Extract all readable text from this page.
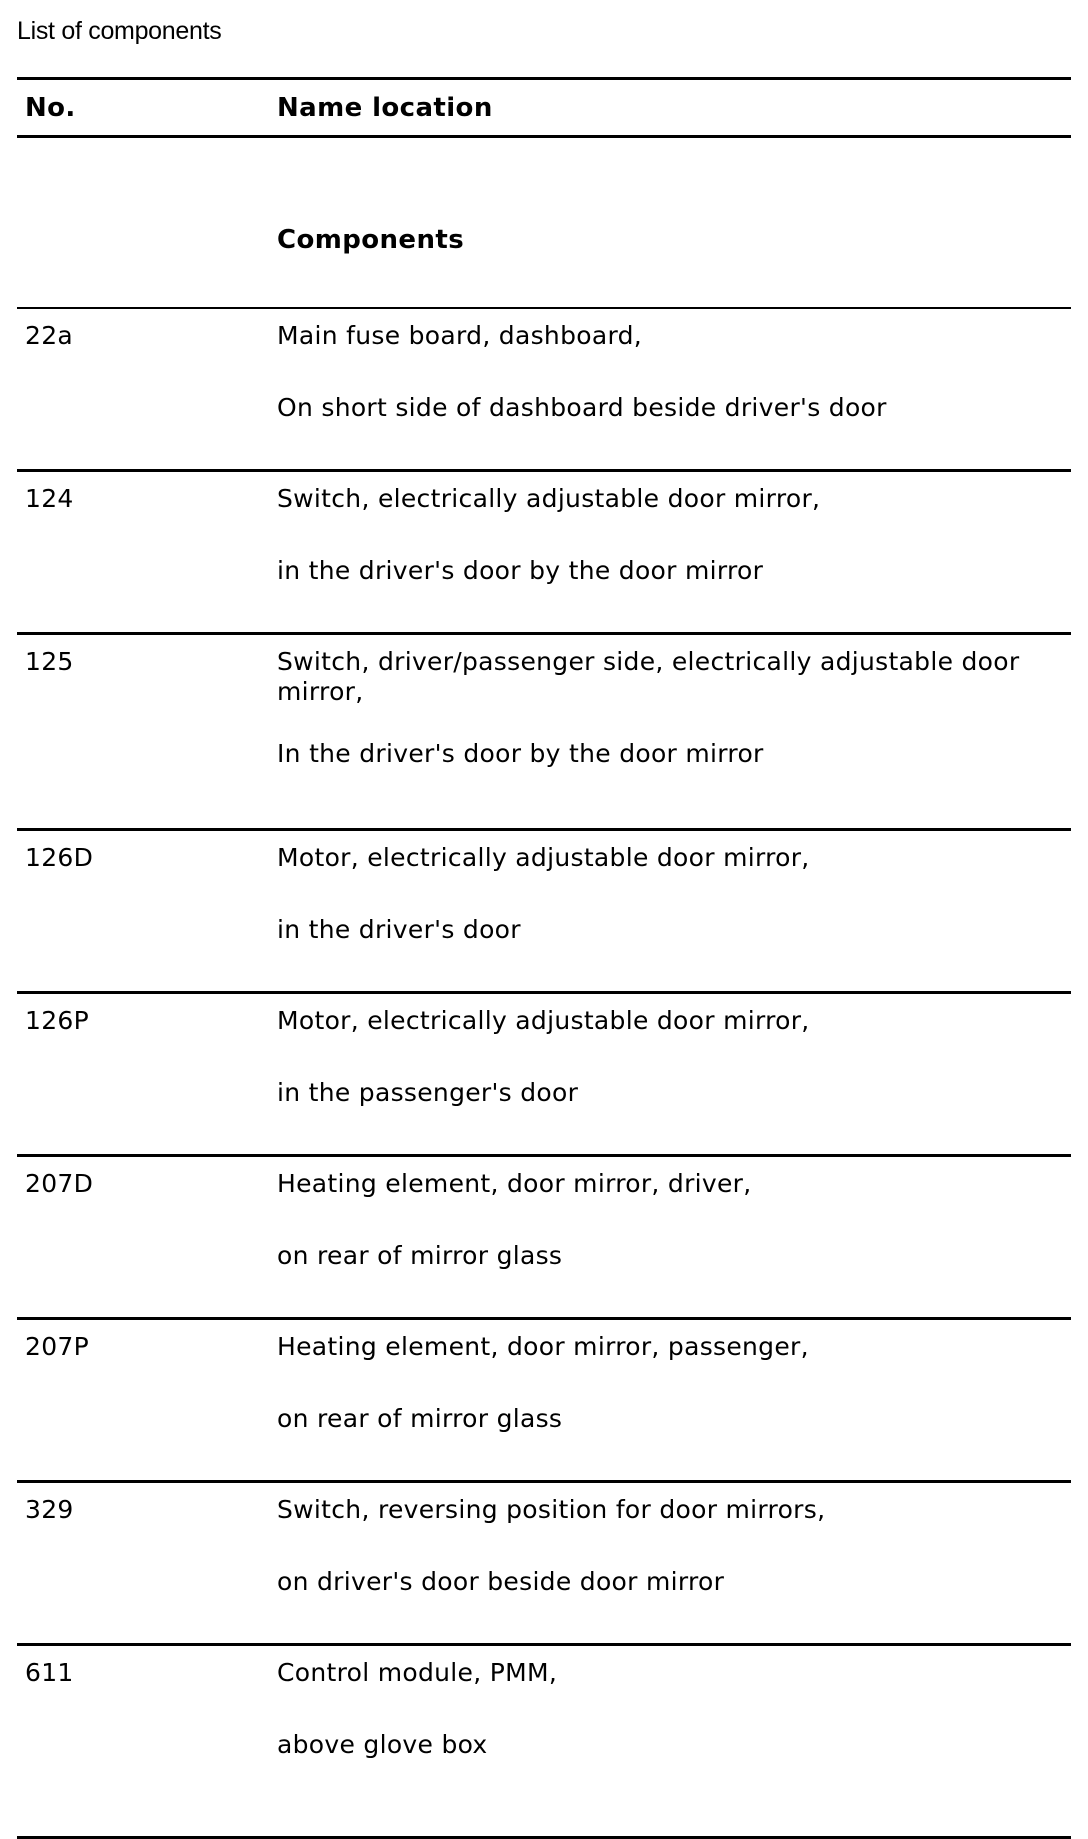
List of components
No.	Name location
Components
22a	Main fuse board, dashboard,
On short side of dashboard beside driver's door
124	Switch, electrically adjustable door mirror,
in the driver's door by the door mirror
125	Switch, driver/passenger side, electrically adjustable door mirror,
In the driver's door by the door mirror
126D	Motor, electrically adjustable door mirror,
in the driver's door
126P	Motor, electrically adjustable door mirror,
in the passenger's door
207D	Heating element, door mirror, driver,
on rear of mirror glass
207P	Heating element, door mirror, passenger,
on rear of mirror glass
329	Switch, reversing position for door mirrors,
on driver's door beside door mirror
611	Control module, PMM,
above glove box
